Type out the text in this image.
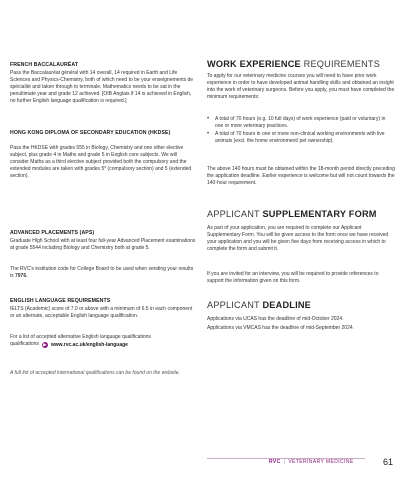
FRENCH BACCALAURÉAT
Pass the Baccalauréat général with 14 overall, 14 required in Earth and Life Sciences and Physics-Chemistry, both of which need to be your enseignements de spécialité and taken through to terminale. Mathematics needs to be sat in the penultimate year and grade 12 achieved. [OIB Anglais if 14 is achieved in English, no further English language qualification is required.]
HONG KONG DIPLOMA OF SECONDARY EDUCATION (HKDSE)
Pass the HKDSE with grades 555 in Biology, Chemistry and one other elective subject, plus grade 4 in Maths and grade 5 in English core subjects. We will consider Maths as a third elective subject provided both the compulsory and the extended modules are taken with grades 5* (compulsory section) and 5 (extended section).
ADVANCED PLACEMENTS (APS)
Graduate High School with at least four full-year Advanced Placement examinations at grade 5544 including Biology and Chemistry both at grade 5.
The RVC's institution code for College Board to be used when sending your results is 7976.
ENGLISH LANGUAGE REQUIREMENTS
IELTS (Academic) score of 7.0 or above with a minimum of 6.5 in each component or an alternate, acceptable English language qualification.
For a list of accepted alternative English language qualifications
qualifications ▶ www.rvc.ac.uk/english-language
A full list of accepted international qualifications can be found on the website.
WORK EXPERIENCE REQUIREMENTS
To apply for our veterinary medicine courses you will need to have prior work experience in order to have developed animal handling skills and obtained an insight into the work of veterinary surgeons. Before you apply, you must have completed the minimum requirements:
• A total of 70 hours (e.g. 10 full days) of work experience (paid or voluntary) in one or more veterinary practices.
• A total of 70 hours in one or more non-clinical working environments with live animals (excl. the home environment/ pet ownership).
The above 140 hours must be obtained within the 18-month period directly preceding the application deadline. Earlier experience is welcome but will not count towards the 140-hour requirement.
APPLICANT SUPPLEMENTARY FORM
As part of your application, you are required to complete our Applicant Supplementary Form. You will be given access to the form once we have received your application and you will be given five days from receiving access in which to complete the form and submit it.
If you are invited for an interview, you will be required to provide references to support the information given on this form.
APPLICANT DEADLINE
Applications via UCAS has the deadline of mid-October 2024.
Applications via VMCAS has the deadline of mid-September 2024.
RVC | VETERINARY MEDICINE	61
